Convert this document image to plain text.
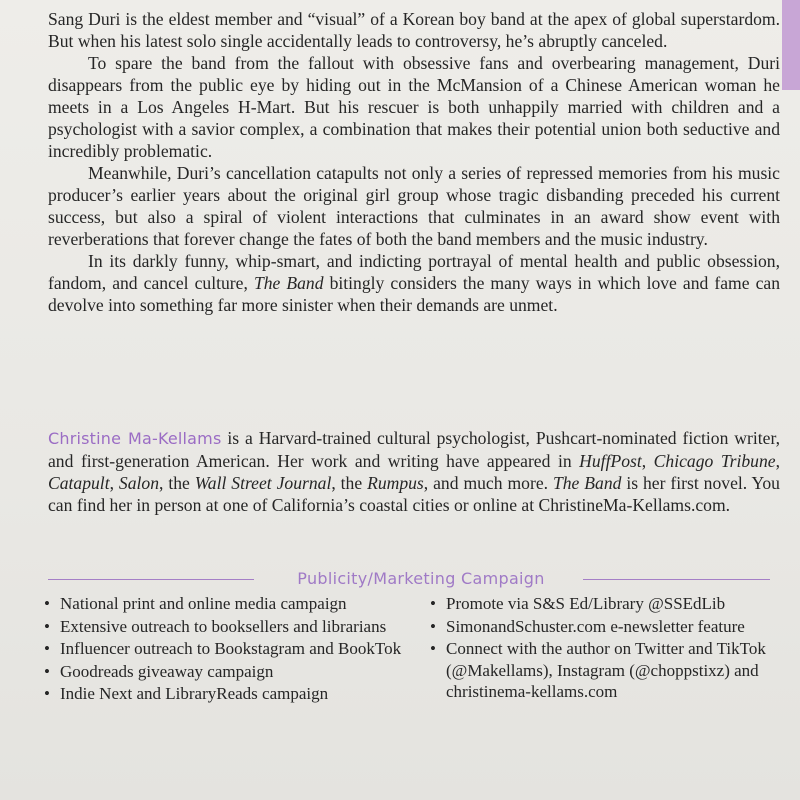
Sang Duri is the eldest member and “visual” of a Korean boy band at the apex of global superstardom. But when his latest solo single accidentally leads to controversy, he’s abruptly canceled.

To spare the band from the fallout with obsessive fans and overbearing management, Duri disappears from the public eye by hiding out in the McMansion of a Chinese American woman he meets in a Los Angeles H-Mart. But his rescuer is both unhappily married with children and a psychologist with a savior complex, a combination that makes their potential union both seductive and incredibly problematic.

Meanwhile, Duri’s cancellation catapults not only a series of repressed memories from his music producer’s earlier years about the original girl group whose tragic disbanding preceded his current success, but also a spiral of violent interactions that culminates in an award show event with reverberations that forever change the fates of both the band members and the music industry.

In its darkly funny, whip-smart, and indicting portrayal of mental health and public obsession, fandom, and cancel culture, The Band bitingly considers the many ways in which love and fame can devolve into something far more sinister when their demands are unmet.

Christine Ma-Kellams is a Harvard-trained cultural psychologist, Pushcart-nominated fiction writer, and first-generation American. Her work and writing have appeared in HuffPost, Chicago Tribune, Catapult, Salon, the Wall Street Journal, the Rumpus, and much more. The Band is her first novel. You can find her in person at one of California’s coastal cities or online at ChristineMa-Kellams.com.
Publicity/Marketing Campaign
• National print and online media campaign
• Extensive outreach to booksellers and librarians
• Influencer outreach to Bookstagram and BookTok
• Goodreads giveaway campaign
• Indie Next and LibraryReads campaign
• Promote via S&S Ed/Library @SSEdLib
• SimonandSchuster.com e-newsletter feature
• Connect with the author on Twitter and TikTok (@Makellams), Instagram (@choppstixz) and christinema-kellams.com
